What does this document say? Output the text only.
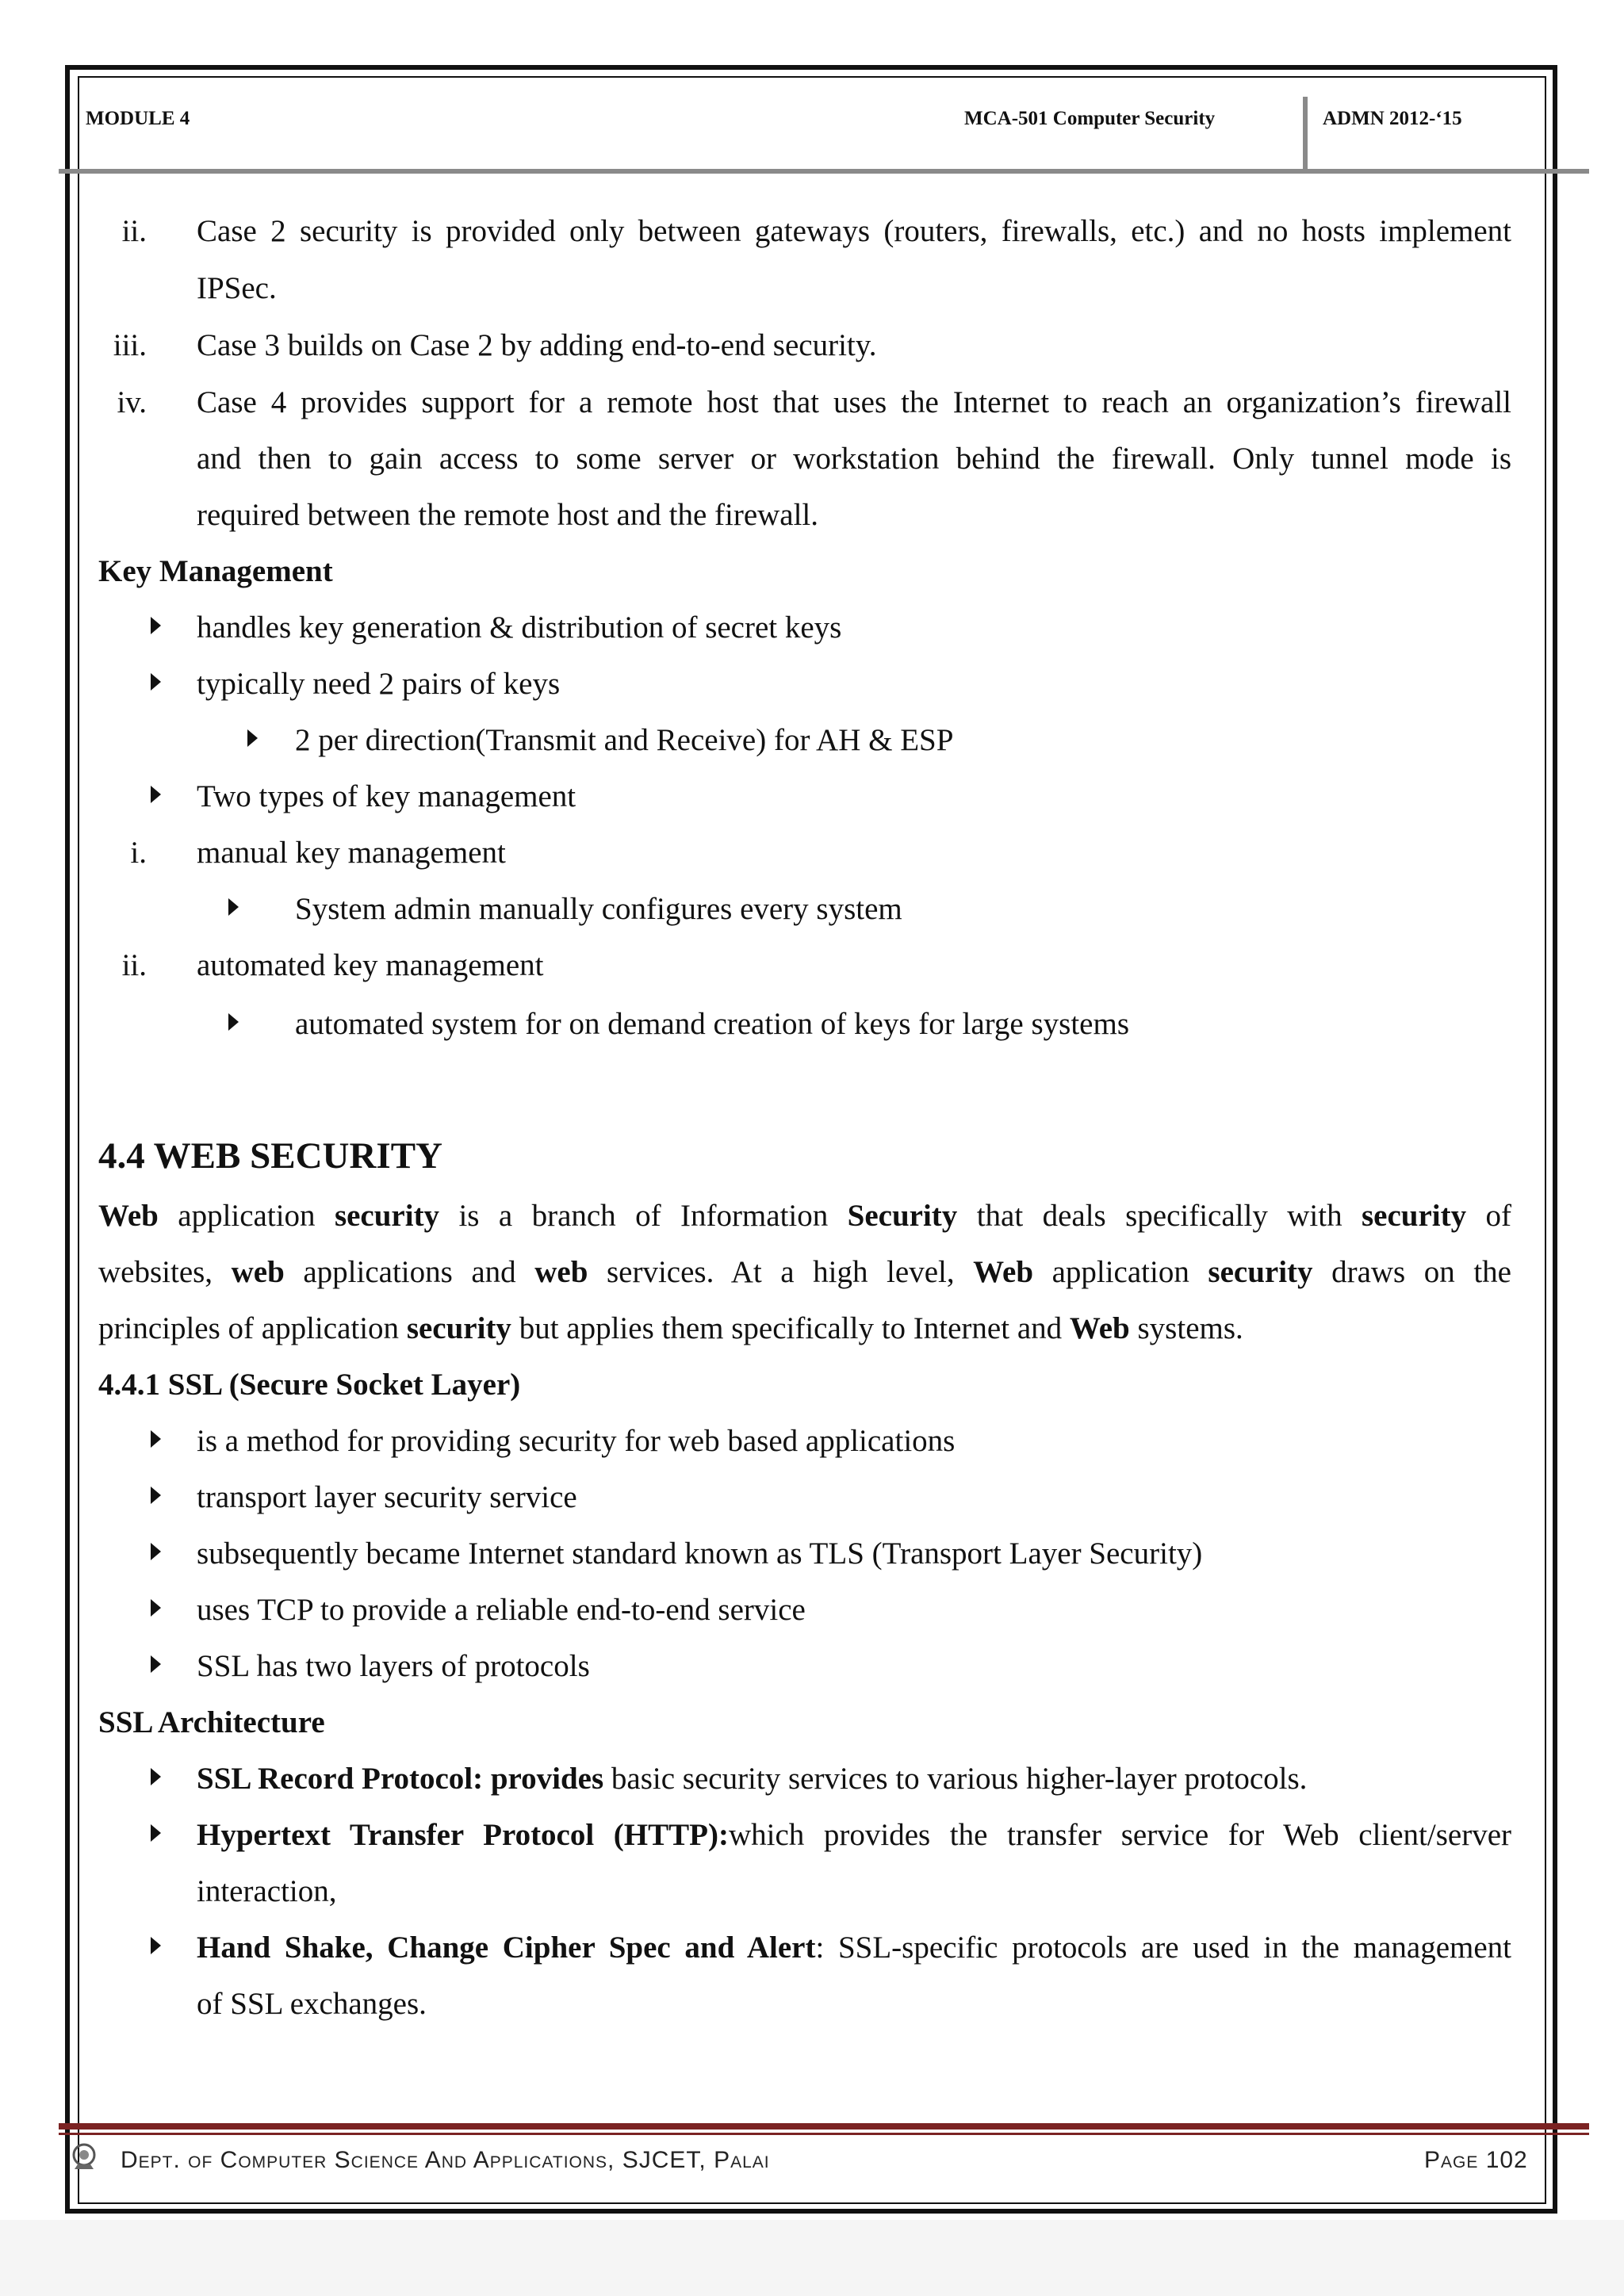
MODULE 4	MCA-501 Computer Security	ADMN 2012-‘15
ii. Case 2 security is provided only between gateways (routers, firewalls, etc.) and no hosts implement
IPSec.
iii. Case 3 builds on Case 2 by adding end-to-end security.
iv. Case 4 provides support for a remote host that uses the Internet to reach an organization’s firewall
and then to gain access to some server or workstation behind the firewall. Only tunnel mode is
required between the remote host and the firewall.
Key Management
handles key generation & distribution of secret keys
typically need 2 pairs of keys
2 per direction(Transmit and Receive) for AH & ESP
Two types of key management
i. manual key management
System admin manually configures every system
ii. automated key management
automated system for on demand creation of keys for large systems
4.4 WEB SECURITY
Web application security is a branch of Information Security that deals specifically with security of
websites, web applications and web services. At a high level, Web application security draws on the
principles of application security but applies them specifically to Internet and Web systems.
4.4.1 SSL (Secure Socket Layer)
is a method for providing security for web based applications
transport layer security service
subsequently became Internet standard known as TLS (Transport Layer Security)
uses TCP to provide a reliable end-to-end service
SSL has two layers of protocols
SSL Architecture
SSL Record Protocol: provides basic security services to various higher-layer protocols.
Hypertext Transfer Protocol (HTTP):which provides the transfer service for Web client/server
interaction,
Hand Shake, Change Cipher Spec and Alert: SSL-specific protocols are used in the management
of SSL exchanges.
Dept. of Computer Science And Applications, SJCET, Palai	Page 102
